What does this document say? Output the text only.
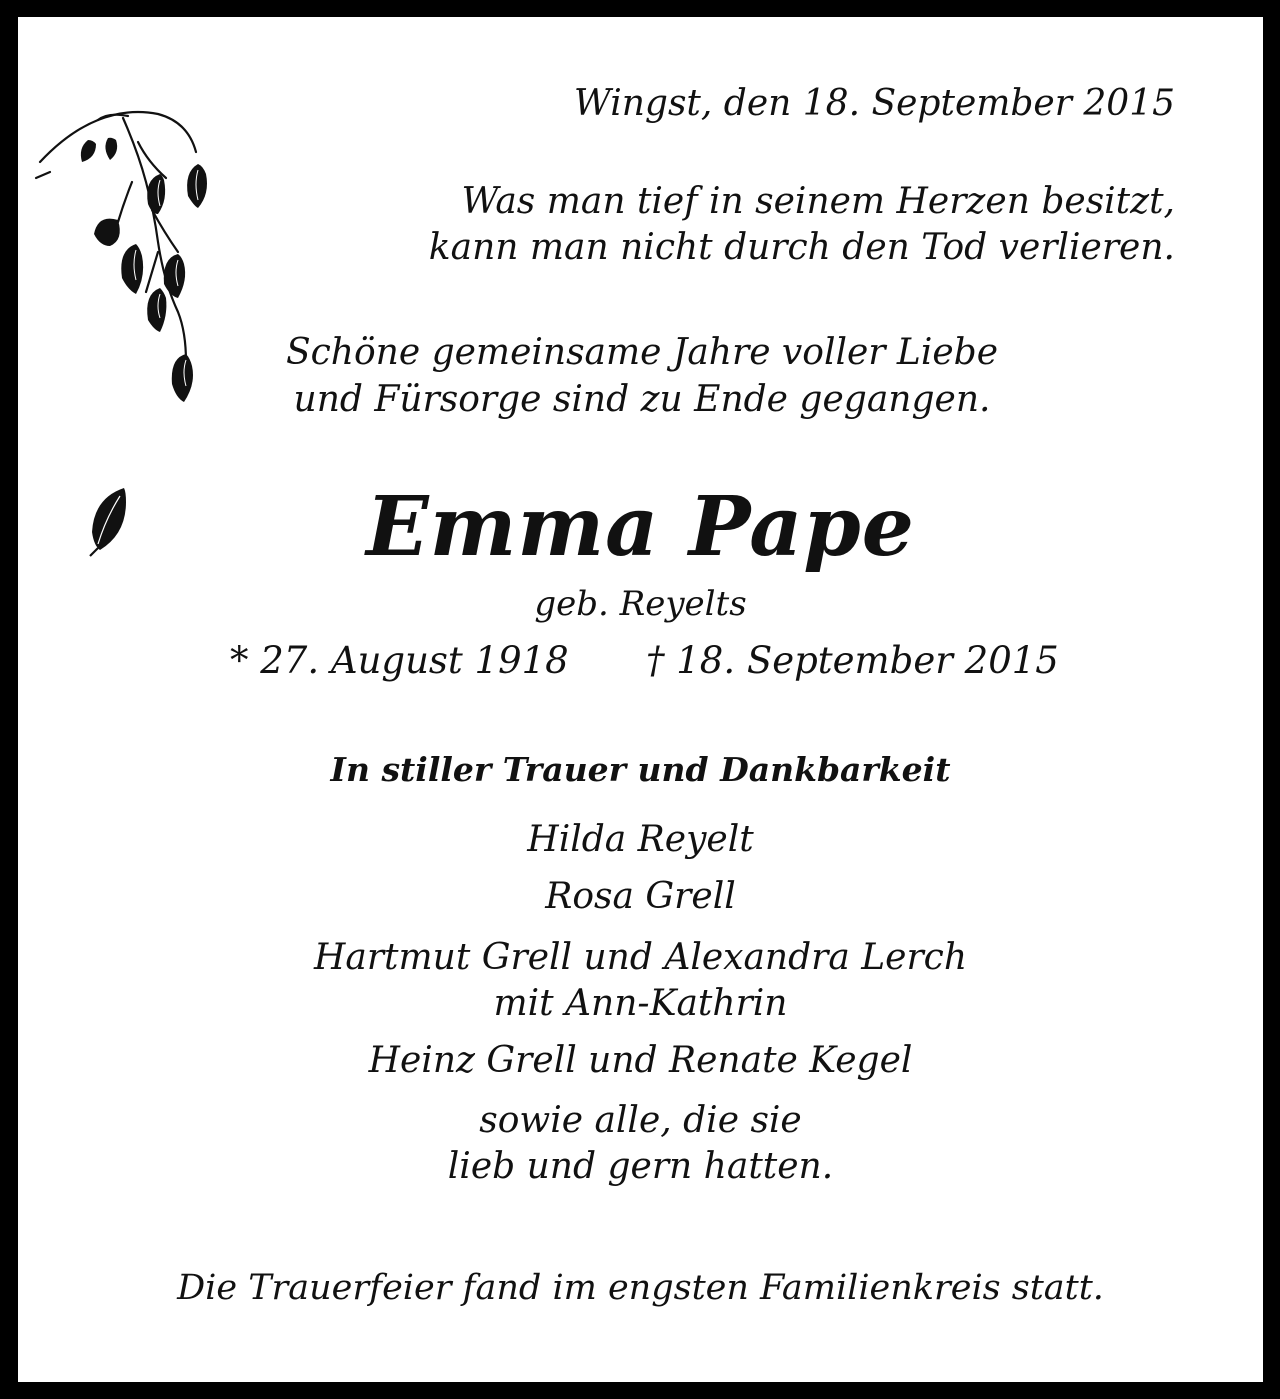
Wingst, den 18. September 2015
Was man tief in seinem Herzen besitzt,
kann man nicht durch den Tod verlieren.
Schöne gemeinsame Jahre voller Liebe
und Fürsorge sind zu Ende gegangen.
Emma Pape
geb. Reyelts
* 27. August 1918 † 18. September 2015
In stiller Trauer und Dankbarkeit
Hilda Reyelt
Rosa Grell
Hartmut Grell und Alexandra Lerch
mit Ann-Kathrin
Heinz Grell und Renate Kegel
sowie alle, die sie
lieb und gern hatten.
Die Trauerfeier fand im engsten Familienkreis statt.
